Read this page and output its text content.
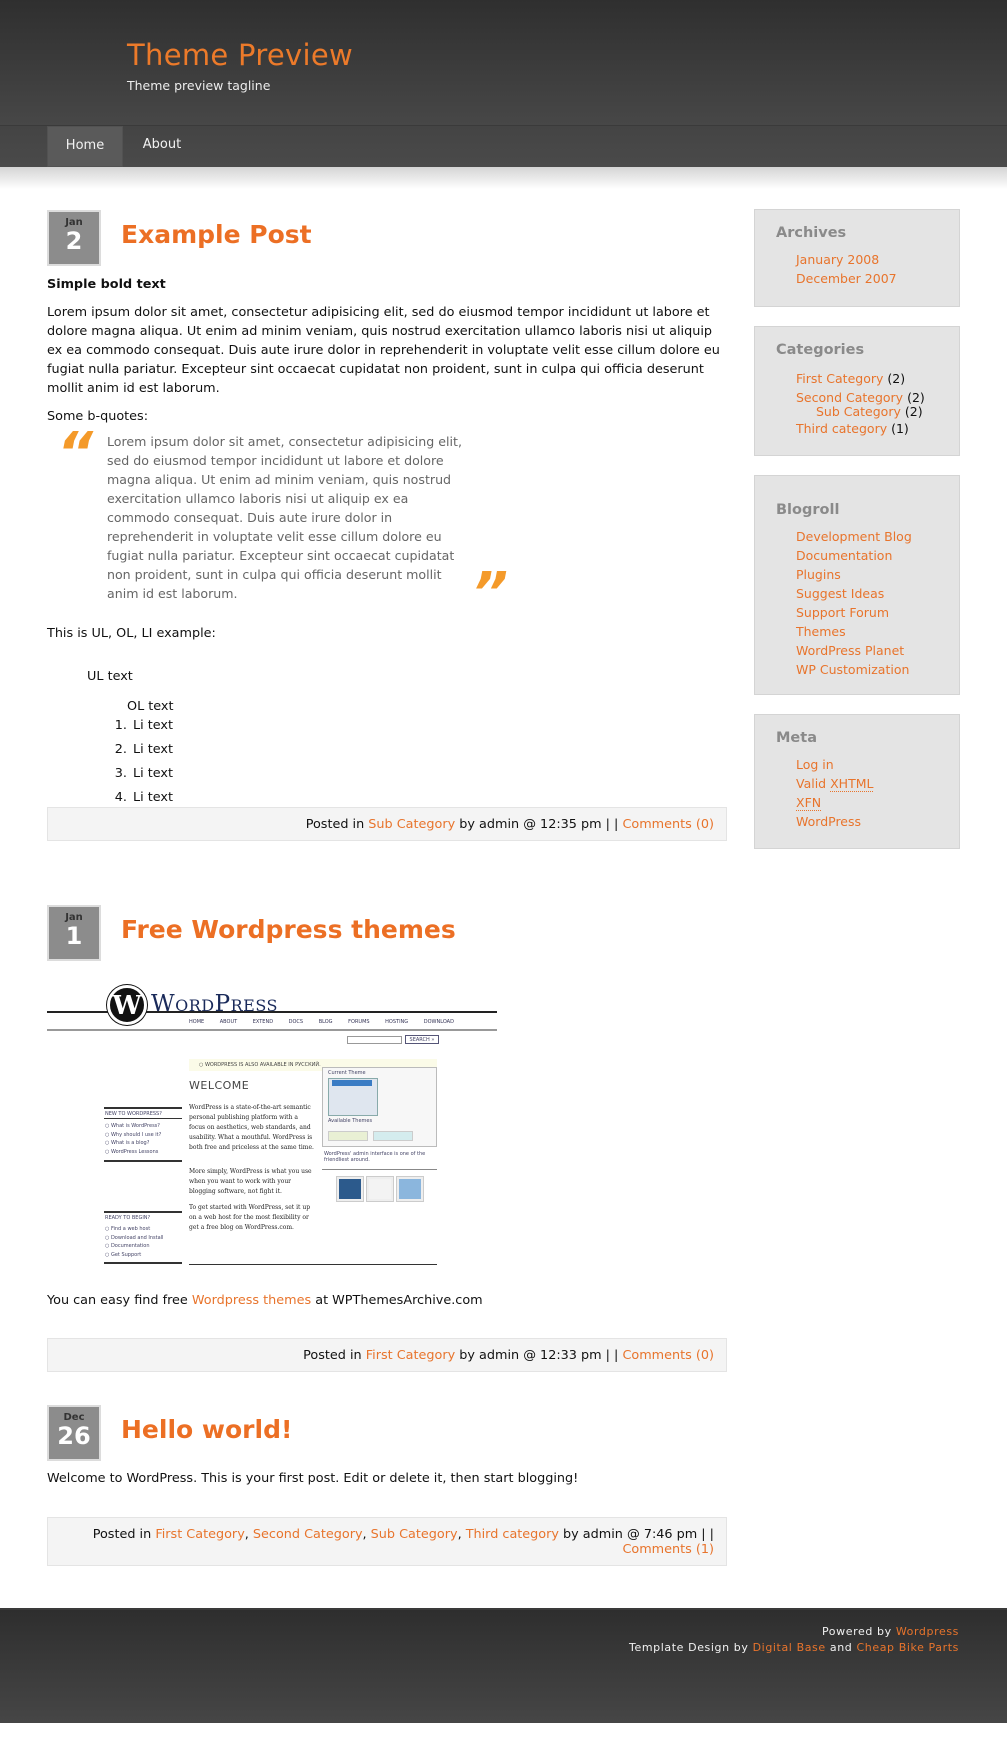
Theme Preview
Theme preview tagline
Home	About
Jan
2	Example Post

Simple bold text

Lorem ipsum dolor sit amet, consectetur adipisicing elit, sed do eiusmod tempor incididunt ut labore et dolore magna aliqua. Ut enim ad minim veniam, quis nostrud exercitation ullamco laboris nisi ut aliquip ex ea commodo consequat. Duis aute irure dolor in reprehenderit in voluptate velit esse cillum dolore eu fugiat nulla pariatur. Excepteur sint occaecat cupidatat non proident, sunt in culpa qui officia deserunt mollit anim id est laborum.

Some b-quotes:

“ Lorem ipsum dolor sit amet, consectetur adipisicing elit, sed do eiusmod tempor incididunt ut labore et dolore magna aliqua. Ut enim ad minim veniam, quis nostrud exercitation ullamco laboris nisi ut aliquip ex ea commodo consequat. Duis aute irure dolor in reprehenderit in voluptate velit esse cillum dolore eu fugiat nulla pariatur. Excepteur sint occaecat cupidatat non proident, sunt in culpa qui officia deserunt mollit anim id est laborum.	”

This is UL, OL, LI example:

UL text
OL text
1. Li text
2. Li text
3. Li text
4. Li text
Posted in Sub Category by admin @ 12:35 pm | | Comments (0)
Jan
1	Free Wordpress themes
W WordPress
HOME ABOUT EXTEND DOCS BLOG FORUMS HOSTING DOWNLOAD
SEARCH »
○ WORDPRESS IS ALSO AVAILABLE IN РУССКИЙ.
WELCOME
NEW TO WORDPRESS?
○ What is WordPress?
○ Why should I use it?
○ What is a blog?
○ WordPress Lessons
READY TO BEGIN?
○ Find a web host
○ Download and Install
○ Documentation
○ Get Support
WordPress is a state-of-the-art semantic personal publishing platform with a focus on aesthetics, web standards, and usability. What a mouthful. WordPress is both free and priceless at the same time.
More simply, WordPress is what you use when you want to work with your blogging software, not fight it.
To get started with WordPress, set it up on a web host for the most flexibility or get a free blog on WordPress.com.
Current Theme
Available Themes
WordPress' admin interface is one of the friendliest around.

You can easy find free Wordpress themes at WPThemesArchive.com

Posted in First Category by admin @ 12:33 pm | | Comments (0)
Dec
26	Hello world!

Welcome to WordPress. This is your first post. Edit or delete it, then start blogging!

Posted in First Category, Second Category, Sub Category, Third category by admin @ 7:46 pm | |
Comments (1)
Archives
January 2008
December 2007
Categories
First Category (2)
Second Category (2)
Sub Category (2)
Third category (1)
Blogroll
Development Blog
Documentation
Plugins
Suggest Ideas
Support Forum
Themes
WordPress Planet
WP Customization
Meta
Log in
Valid XHTML
XFN
WordPress
Powered by Wordpress
Template Design by Digital Base and Cheap Bike Parts
